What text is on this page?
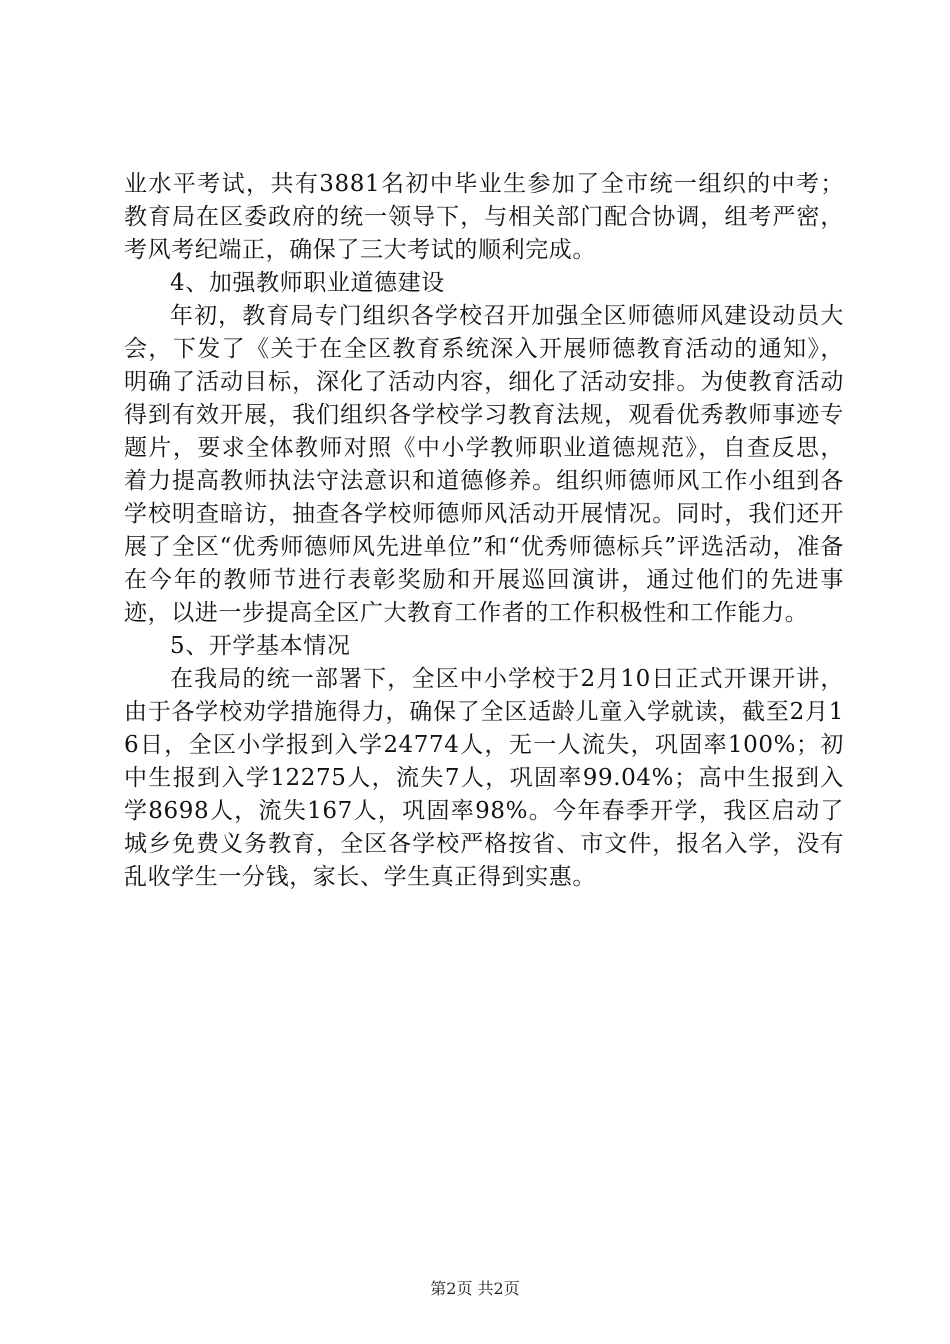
业水平考试，共有3881名初中毕业生参加了全市统一组织的中考；教育局在区委政府的统一领导下，与相关部门配合协调，组考严密，考风考纪端正，确保了三大考试的顺利完成。

4、加强教师职业道德建设

年初，教育局专门组织各学校召开加强全区师德师风建设动员大会，下发了《关于在全区教育系统深入开展师德教育活动的通知》，明确了活动目标，深化了活动内容，细化了活动安排。为使教育活动得到有效开展，我们组织各学校学习教育法规，观看优秀教师事迹专题片，要求全体教师对照《中小学教师职业道德规范》，自查反思，着力提高教师执法守法意识和道德修养。组织师德师风工作小组到各学校明查暗访，抽查各学校师德师风活动开展情况。同时，我们还开展了全区“优秀师德师风先进单位”和“优秀师德标兵”评选活动，准备在今年的教师节进行表彰奖励和开展巡回演讲，通过他们的先进事迹，以进一步提高全区广大教育工作者的工作积极性和工作能力。

5、开学基本情况

在我局的统一部署下，全区中小学校于2月10日正式开课开讲，由于各学校劝学措施得力，确保了全区适龄儿童入学就读，截至2月16日，全区小学报到入学24774人，无一人流失，巩固率100%；初中生报到入学12275人，流失7人，巩固率99.04%；高中生报到入学8698人，流失167人，巩固率98%。今年春季开学，我区启动了城乡免费义务教育，全区各学校严格按省、市文件，报名入学，没有乱收学生一分钱，家长、学生真正得到实惠。

第2页 共2页
